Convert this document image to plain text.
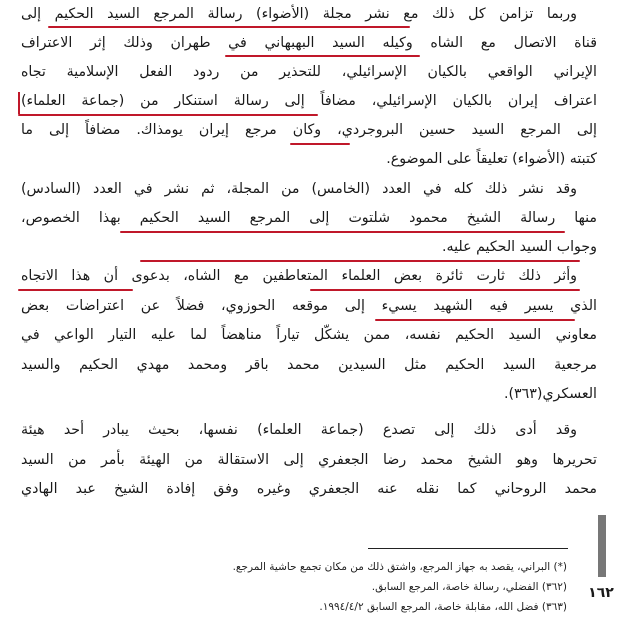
وربما تزامن كل ذلك مع نشر مجلة (الأضواء) رسالة المرجع السيد الحكيم إلى
قناة الاتصال مع الشاه وكيله السيد البهبهاني في طهران وذلك إثر الاعتراف
الإيراني الواقعي بالكيان الإسرائيلي، للتحذير من ردود الفعل الإسلامية تجاه
اعتراف إيران بالكيان الإسرائيلي، مضافاً إلى رسالة استنكار من (جماعة العلماء)
إلى المرجع السيد حسين البروجردي، وكان مرجع إيران يومذاك. مضافاً إلى ما
كتبته (الأضواء) تعليقاً على الموضوع.
وقد نشر ذلك كله في العدد (الخامس) من المجلة، ثم نشر في العدد (السادس)
منها رسالة الشيخ محمود شلتوت إلى المرجع السيد الحكيم بهذا الخصوص،
وجواب السيد الحكيم عليه.
وأثر ذلك ثارت ثائرة بعض العلماء المتعاطفين مع الشاه، بدعوى أن هذا الاتجاه
الذي يسير فيه الشهيد يسيء إلى موقعه الحوزوي، فضلاً عن اعتراضات بعض
معاوني السيد الحكيم نفسه، ممن يشكّل تياراً مناهضاً لما عليه التيار الواعي في
مرجعية السيد الحكيم مثل السيدين محمد باقر ومحمد مهدي الحكيم والسيد
العسكري(٣٦٣).
وقد أدى ذلك إلى تصدع (جماعة العلماء) نفسها، بحيث يبادر أحد هيئة
تحريرها وهو الشيخ محمد رضا الجعفري إلى الاستقالة من الهيئة بأمر من السيد
محمد الروحاني كما نقله عنه الجعفري وغيره وفق إفادة الشيخ عبد الهادي
(*) البراني، يقصد به جهاز المرجع، واشتق ذلك من مكان تجمع حاشية المرجع.
(٣٦٢) الفضلي، رسالة خاصة، المرجع السابق.
(٣٦٣) فضل الله، مقابلة خاصة، المرجع السابق ١٩٩٤/٤/٢.
١٦٢
